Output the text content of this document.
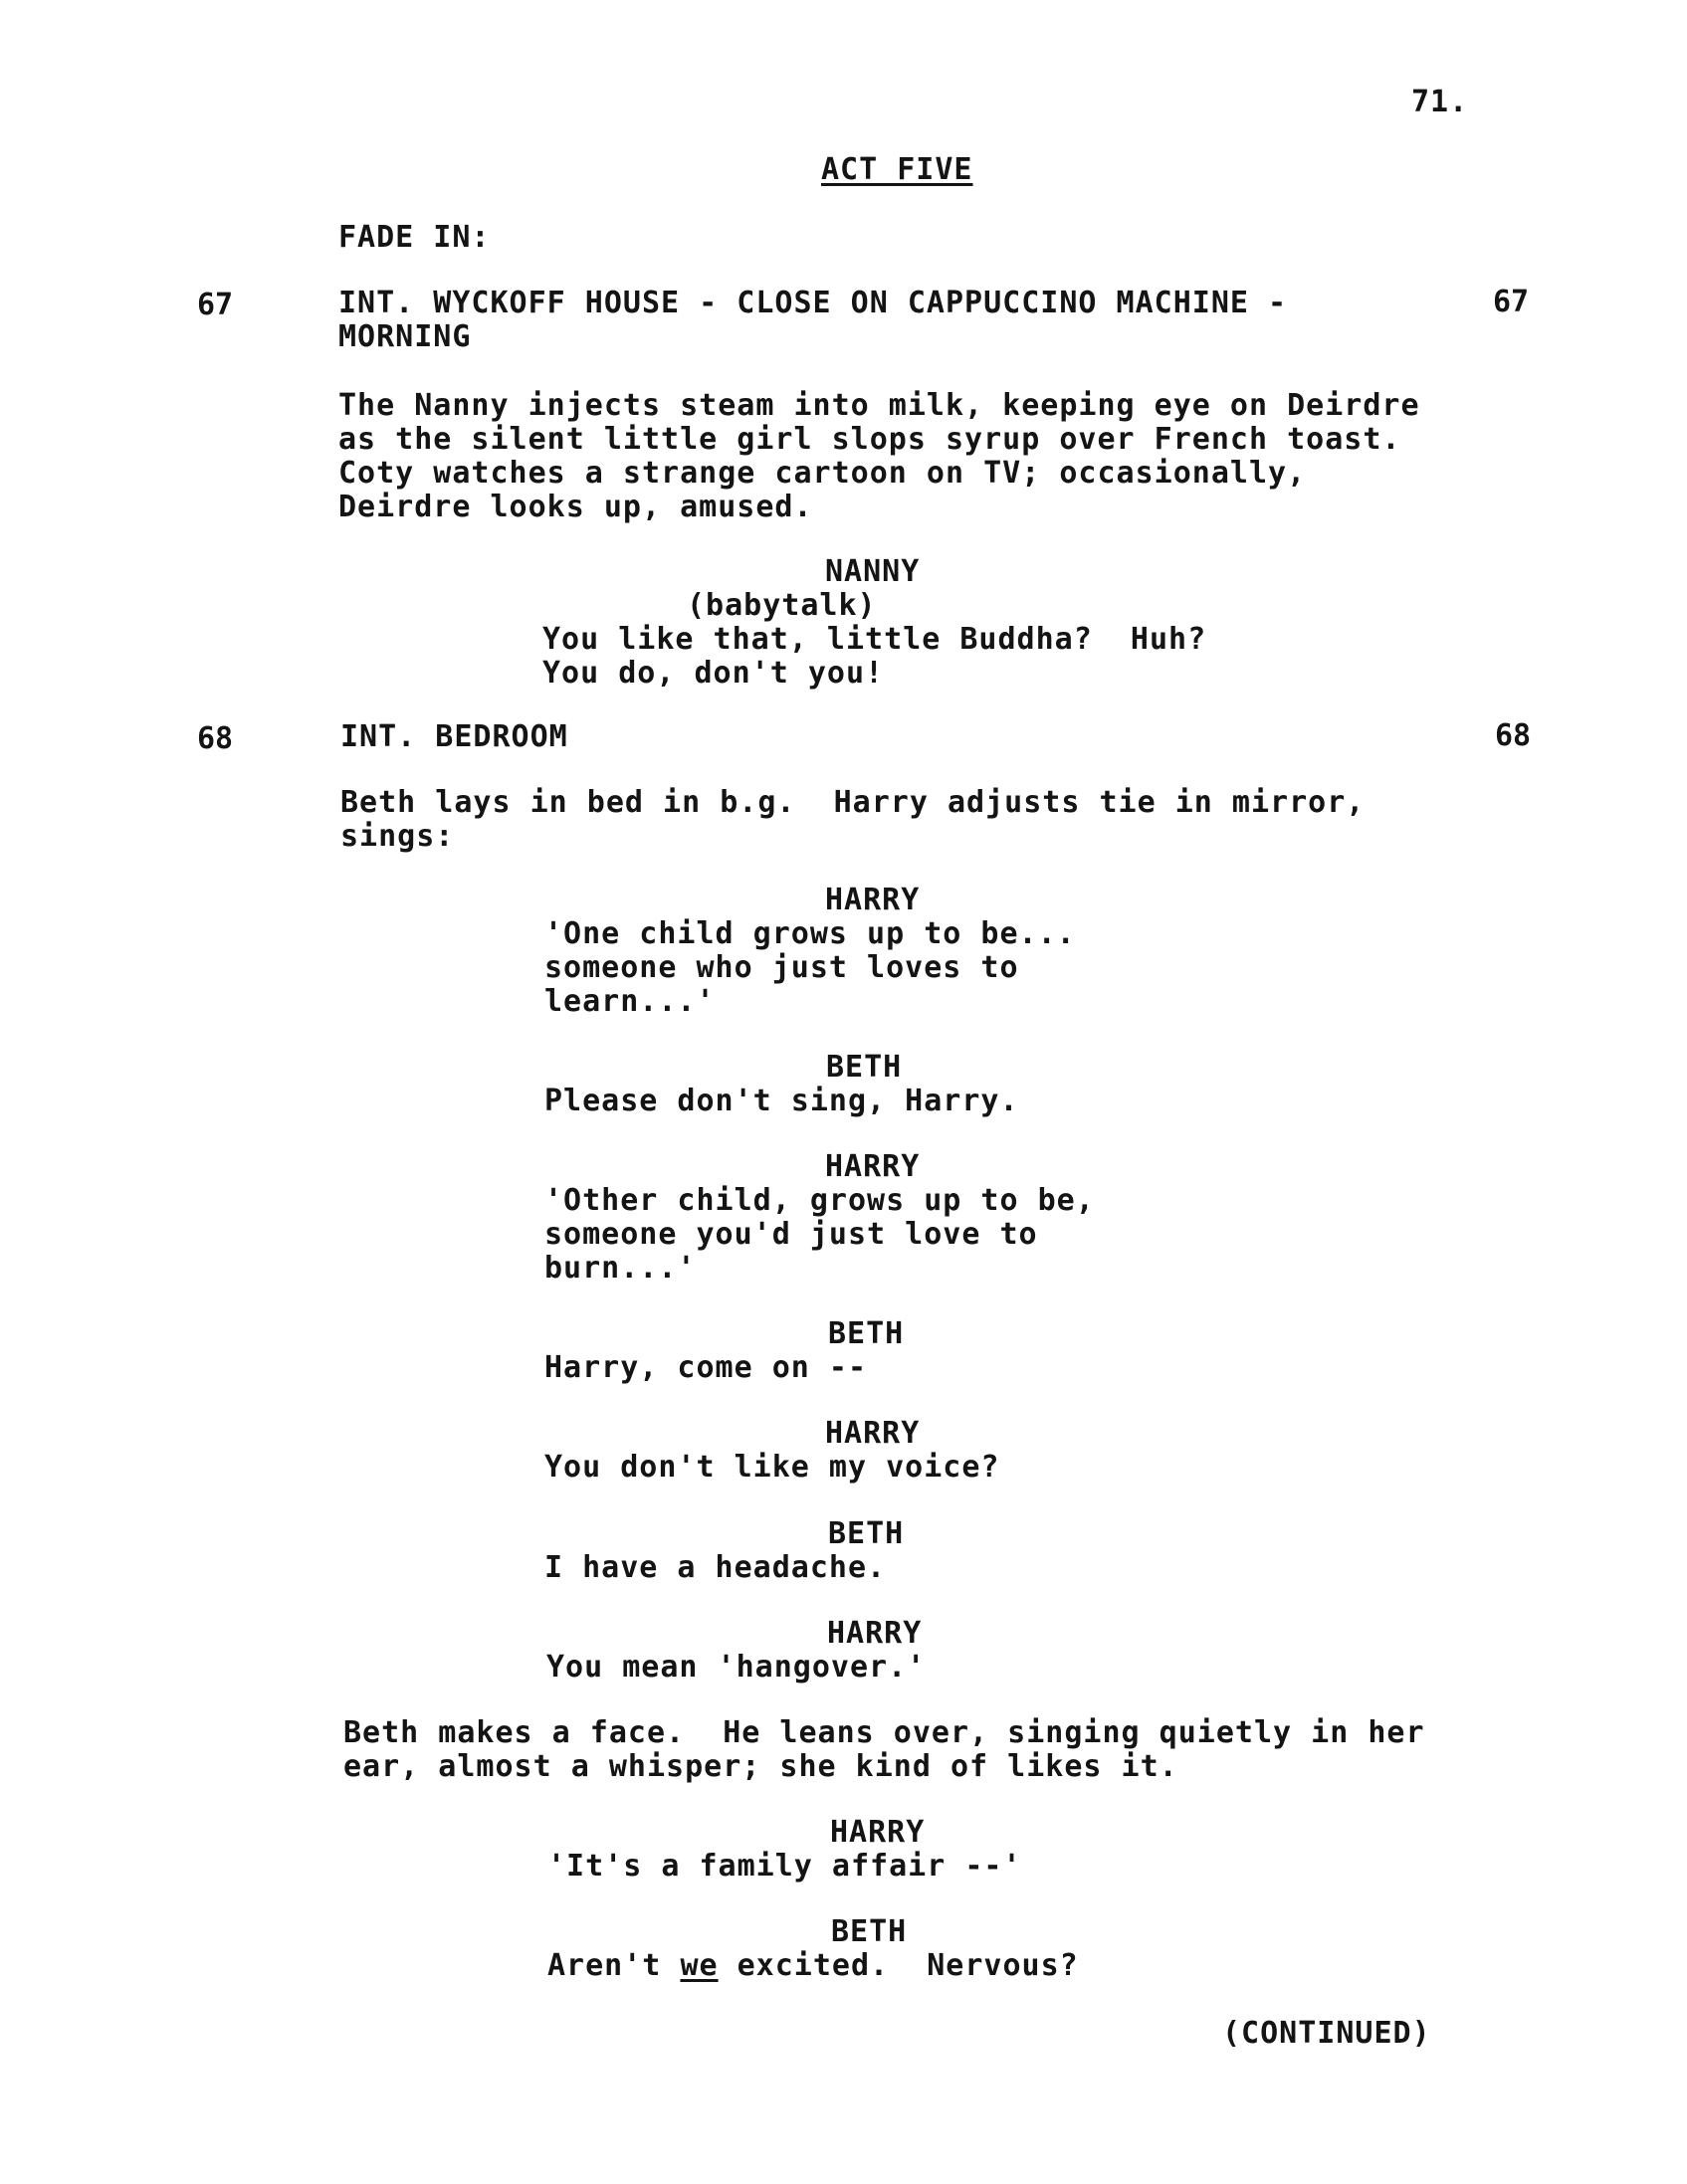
71.

ACT FIVE

FADE IN:

67	67

INT. WYCKOFF HOUSE - CLOSE ON CAPPUCCINO MACHINE -

MORNING

The Nanny injects steam into milk, keeping eye on Deirdre

as the silent little girl slops syrup over French toast.

Coty watches a strange cartoon on TV; occasionally,

Deirdre looks up, amused.

NANNY

(babytalk)

You like that, little Buddha?  Huh?

You do, don't you!

68	68

INT. BEDROOM

Beth lays in bed in b.g.  Harry adjusts tie in mirror,

sings:

HARRY

'One child grows up to be...

someone who just loves to

learn...'

BETH

Please don't sing, Harry.

HARRY

'Other child, grows up to be,

someone you'd just love to

burn...'

BETH

Harry, come on --

HARRY

You don't like my voice?

BETH

I have a headache.

HARRY

You mean 'hangover.'

Beth makes a face.  He leans over, singing quietly in her

ear, almost a whisper; she kind of likes it.

HARRY

'It's a family affair --'

BETH

Aren't we excited.  Nervous?

(CONTINUED)
